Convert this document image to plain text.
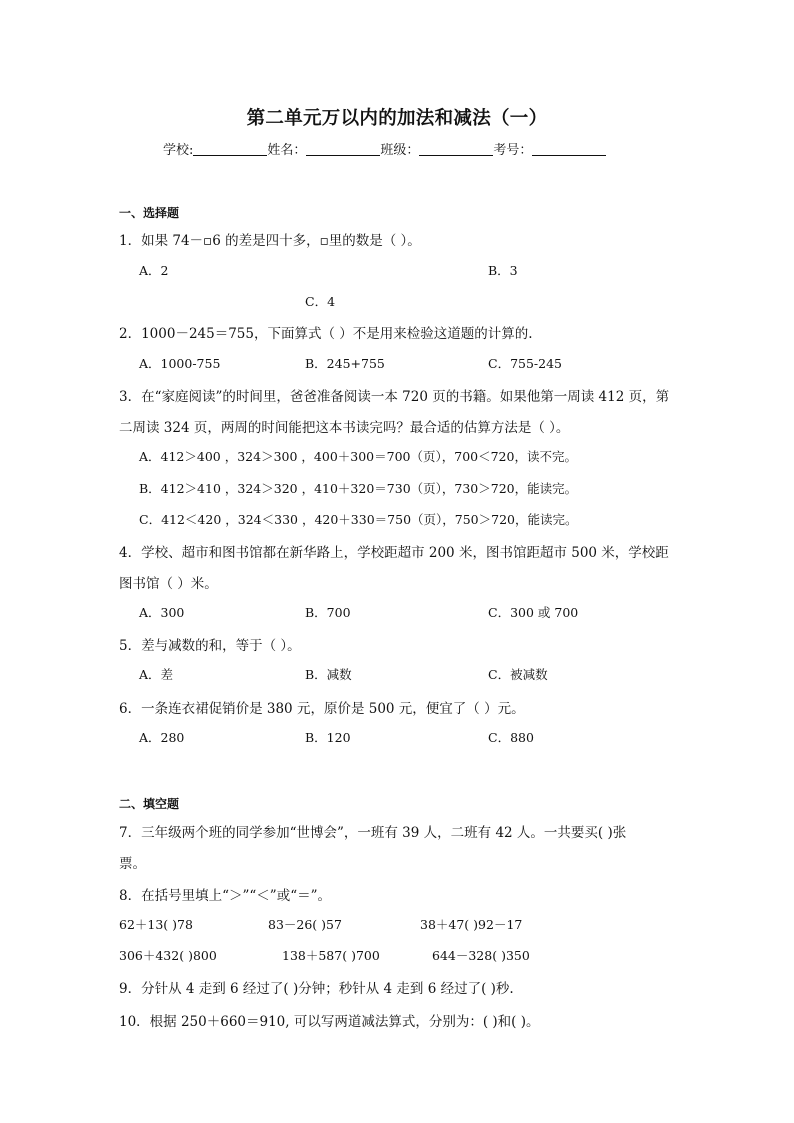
第二单元万以内的加法和减法（一）
学校:	姓名：	班级：	考号：
一、选择题
1．如果 74－▫6 的差是四十多，▫里的数是（ ）。
A．2	B．3
C．4
2．1000－245＝755，下面算式（ ）不是用来检验这道题的计算的.
A．1000-755	B．245+755	C．755-245
3．在“家庭阅读”的时间里，爸爸准备阅读一本 720 页的书籍。如果他第一周读 412 页，第
二周读 324 页，两周的时间能把这本书读完吗？最合适的估算方法是（ ）。
A．412＞400 ，324＞300 ，400＋300＝700（页），700＜720，读不完。
B．412＞410 ，324＞320 ，410＋320＝730（页），730＞720，能读完。
C．412＜420 ，324＜330 ，420＋330＝750（页），750＞720，能读完。
4．学校、超市和图书馆都在新华路上，学校距超市 200 米，图书馆距超市 500 米，学校距
图书馆（ ）米。
A．300	B．700	C．300 或 700
5．差与减数的和，等于（ ）。
A．差	B．减数	C．被减数
6．一条连衣裙促销价是 380 元，原价是 500 元，便宜了（ ）元。
A．280	B．120	C．880
二、填空题
7．三年级两个班的同学参加“世博会”，一班有 39 人，二班有 42 人。一共要买( )张
票。
8．在括号里填上“＞”“＜”或“＝”。
62＋13( )78	83－26( )57	38＋47( )92－17
306＋432( )800	138＋587( )700	644－328( )350
9．分针从 4 走到 6 经过了( )分钟；秒针从 4 走到 6 经过了( )秒.
10．根据 250＋660＝910, 可以写两道减法算式，分别为：( )和( )。
